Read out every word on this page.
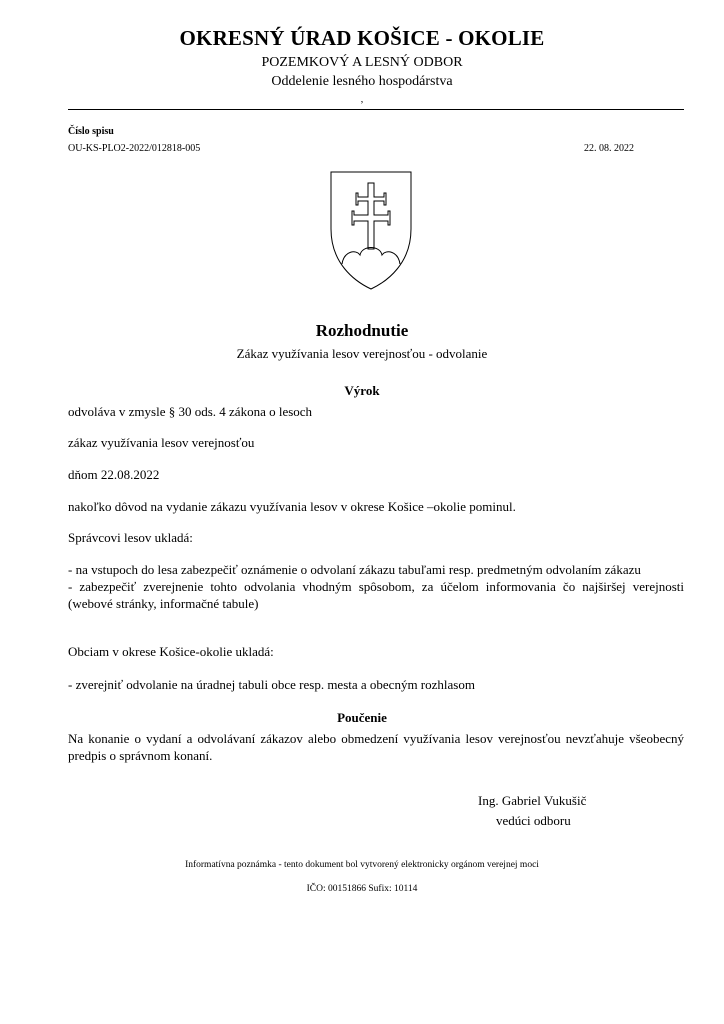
OKRESNÝ ÚRAD KOŠICE - OKOLIE
POZEMKOVÝ A LESNÝ ODBOR
Oddelenie lesného hospodárstva
,
Číslo spisu
OU-KS-PLO2-2022/012818-005	22. 08. 2022
Rozhodnutie
Zákaz využívania lesov verejnosťou - odvolanie
Výrok
odvoláva v zmysle § 30 ods. 4 zákona o lesoch
zákaz využívania lesov verejnosťou
dňom 22.08.2022
nakoľko dôvod na vydanie zákazu využívania lesov v okrese Košice –okolie pominul.
Správcovi lesov ukladá:
- na vstupoch do lesa zabezpečiť oznámenie o odvolaní zákazu tabuľami resp. predmetným odvolaním zákazu
- zabezpečiť zverejnenie tohto odvolania vhodným spôsobom, za účelom informovania čo najširšej verejnosti (webové stránky, informačné tabule)
Obciam v okrese Košice-okolie ukladá:
- zverejniť odvolanie na úradnej tabuli obce resp. mesta a obecným rozhlasom
Poučenie
Na konanie o vydaní a odvolávaní zákazov alebo obmedzení využívania lesov verejnosťou nevzťahuje všeobecný predpis o správnom konaní.
Ing. Gabriel Vukušič
vedúci odboru
Informatívna poznámka - tento dokument bol vytvorený elektronicky orgánom verejnej moci
IČO: 00151866 Sufix: 10114
